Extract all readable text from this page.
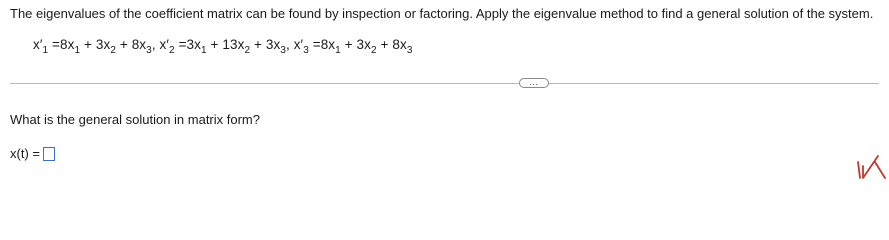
The eigenvalues of the coefficient matrix can be found by inspection or factoring. Apply the eigenvalue method to find a general solution of the system.
$x'_1 =8x_1 + 3x_2 + 8x_3$, $x'_2 =3x_1 + 13x_2 + 3x_3$, $x'_3 =8x_1 + 3x_2 + 8x_3$
...
What is the general solution in matrix form?
x(t) =
